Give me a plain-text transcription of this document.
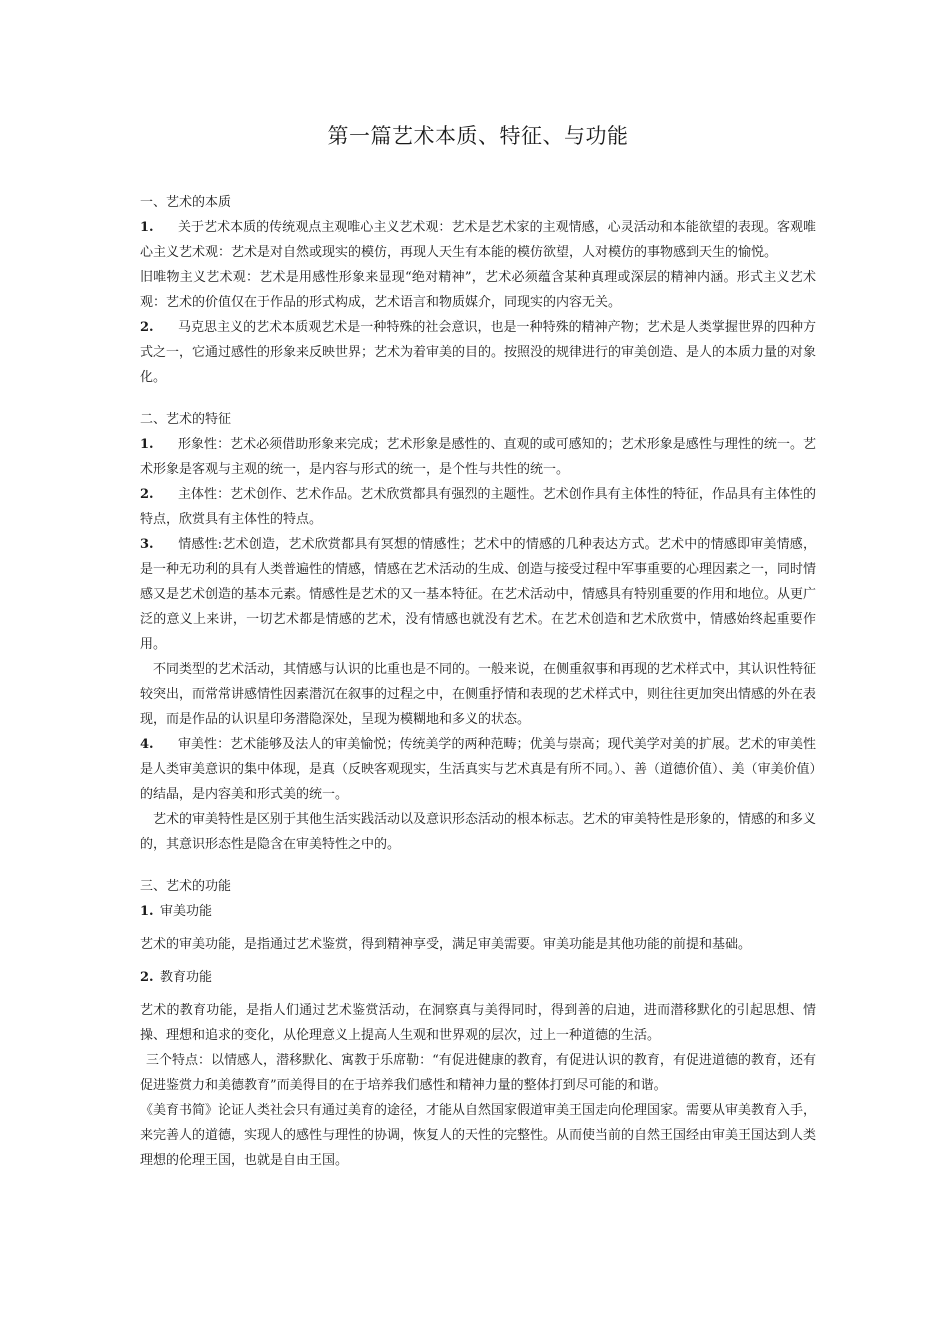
第一篇艺术本质、特征、与功能

一、艺术的本质

1. 关于艺术本质的传统观点主观唯心主义艺术观：艺术是艺术家的主观情感，心灵活动和本能欲望的表现。客观唯心主义艺术观：艺术是对自然或现实的模仿，再现人天生有本能的模仿欲望，人对模仿的事物感到天生的愉悦。

旧唯物主义艺术观：艺术是用感性形象来显现“绝对精神”，艺术必须蕴含某种真理或深层的精神内涵。形式主义艺术观：艺术的价值仅在于作品的形式构成，艺术语言和物质媒介，同现实的内容无关。

2. 马克思主义的艺术本质观艺术是一种特殊的社会意识，也是一种特殊的精神产物；艺术是人类掌握世界的四种方式之一，它通过感性的形象来反映世界；艺术为着审美的目的。按照没的规律进行的审美创造、是人的本质力量的对象化。

二、艺术的特征

1. 形象性：艺术必须借助形象来完成；艺术形象是感性的、直观的或可感知的；艺术形象是感性与理性的统一。艺术形象是客观与主观的统一，是内容与形式的统一，是个性与共性的统一。

2. 主体性：艺术创作、艺术作品。艺术欣赏都具有强烈的主题性。艺术创作具有主体性的特征，作品具有主体性的特点，欣赏具有主体性的特点。

3. 情感性:艺术创造，艺术欣赏都具有冥想的情感性；艺术中的情感的几种表达方式。艺术中的情感即审美情感，是一种无功利的具有人类普遍性的情感，情感在艺术活动的生成、创造与接受过程中军事重要的心理因素之一，同时情感又是艺术创造的基本元素。情感性是艺术的又一基本特征。在艺术活动中，情感具有特别重要的作用和地位。从更广泛的意义上来讲，一切艺术都是情感的艺术，没有情感也就没有艺术。在艺术创造和艺术欣赏中，情感始终起重要作用。

不同类型的艺术活动，其情感与认识的比重也是不同的。一般来说，在侧重叙事和再现的艺术样式中，其认识性特征较突出，而常常讲感情性因素潜沉在叙事的过程之中，在侧重抒情和表现的艺术样式中，则往往更加突出情感的外在表现，而是作品的认识星印务潜隐深处，呈现为模糊地和多义的状态。

4. 审美性：艺术能够及法人的审美愉悦；传统美学的两种范畴；优美与崇高；现代美学对美的扩展。艺术的审美性是人类审美意识的集中体现，是真（反映客观现实，生活真实与艺术真是有所不同。）、善（道德价值）、美（审美价值）的结晶，是内容美和形式美的统一。

艺术的审美特性是区别于其他生活实践活动以及意识形态活动的根本标志。艺术的审美特性是形象的，情感的和多义的，其意识形态性是隐含在审美特性之中的。

三、艺术的功能

1. 审美功能

艺术的审美功能，是指通过艺术鉴赏，得到精神享受，满足审美需要。审美功能是其他功能的前提和基础。

2. 教育功能

艺术的教育功能，是指人们通过艺术鉴赏活动，在洞察真与美得同时，得到善的启迪，进而潜移默化的引起思想、情操、理想和追求的变化，从伦理意义上提高人生观和世界观的层次，过上一种道德的生活。

三个特点：以情感人，潜移默化、寓教于乐席勒：“有促进健康的教育，有促进认识的教育，有促进道德的教育，还有促进鉴赏力和美德教育”而美得目的在于培养我们感性和精神力量的整体打到尽可能的和谐。

《美育书简》论证人类社会只有通过美育的途径，才能从自然国家假道审美王国走向伦理国家。需要从审美教育入手，来完善人的道德，实现人的感性与理性的协调，恢复人的天性的完整性。从而使当前的自然王国经由审美王国达到人类理想的伦理王国，也就是自由王国。
